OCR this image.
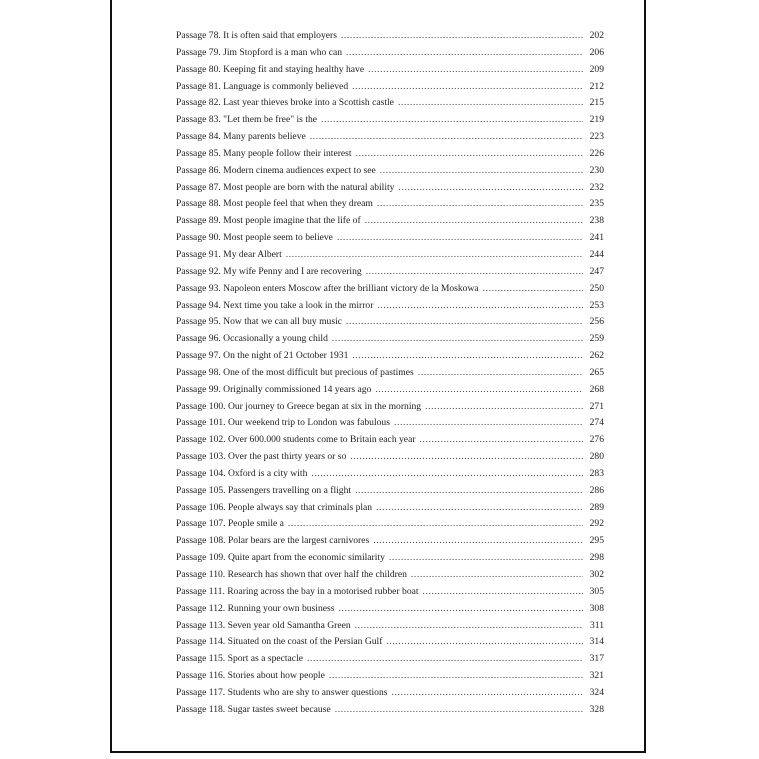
Passage 78. It is often said that employers .....	202
Passage 79. Jim Stopford is a man who can .....	206
Passage 80. Keeping fit and staying healthy have .....	209
Passage 81. Language is commonly believed .....	212
Passage 82. Last year thieves broke into a Scottish castle .....	215
Passage 83. "Let them be free" is the .....	219
Passage 84. Many parents believe .....	223
Passage 85. Many people follow their interest .....	226
Passage 86. Modern cinema audiences expect to see .....	230
Passage 87. Most people are born with the natural ability .....	232
Passage 88. Most people feel that when they dream .....	235
Passage 89. Most people imagine that the life of .....	238
Passage 90. Most people seem to believe .....	241
Passage 91. My dear Albert .....	244
Passage 92. My wife Penny and I are recovering .....	247
Passage 93. Napoleon enters Moscow after the brilliant victory de la Moskowa .....	250
Passage 94. Next time you take a look in the mirror .....	253
Passage 95. Now that we can all buy music .....	256
Passage 96. Occasionally a young child .....	259
Passage 97. On the night of 21 October 1931 .....	262
Passage 98. One of the most difficult but precious of pastimes .....	265
Passage 99. Originally commissioned 14 years ago .....	268
Passage 100. Our journey to Greece began at six in the morning .....	271
Passage 101. Our weekend trip to London was fabulous .....	274
Passage 102. Over 600.000 students come to Britain each year .....	276
Passage 103. Over the past thirty years or so .....	280
Passage 104. Oxford is a city with .....	283
Passage 105. Passengers travelling on a flight .....	286
Passage 106. People always say that criminals plan .....	289
Passage 107. People smile a .....	292
Passage 108. Polar bears are the largest carnivores .....	295
Passage 109. Quite apart from the economic similarity .....	298
Passage 110. Research has shown that over half the children .....	302
Passage 111. Roaring across the bay in a motorised rubber boat .....	305
Passage 112. Running your own business .....	308
Passage 113. Seven year old Samantha Green .....	311
Passage 114. Situated on the coast of the Persian Gulf .....	314
Passage 115. Sport as a spectacle .....	317
Passage 116. Stories about how people .....	321
Passage 117. Students who are shy to answer questions .....	324
Passage 118. Sugar tastes sweet because .....	328
